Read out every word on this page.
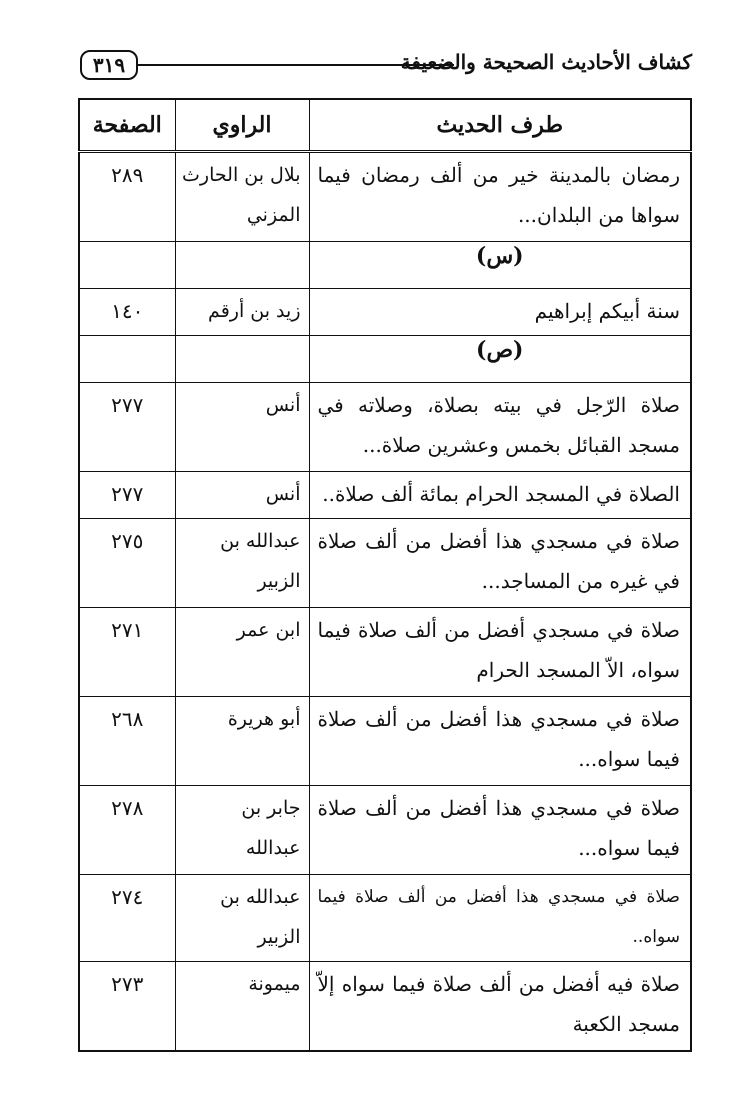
٣١٩	كشاف الأحاديث الصحيحة والضعيفة
طرف الحديث	الراوي	الصفحة
رمضان بالمدينة خير من ألف رمضان فيما سواها من البلدان...	بلال بن الحارث المزني	٢٨٩
(س)		
سنة أبيكم إبراهيم	زيد بن أرقم	١٤٠
(ص)		
صلاة الرّجل في بيته بصلاة، وصلاته في مسجد القبائل بخمس وعشرين صلاة...	أنس	٢٧٧
الصلاة في المسجد الحرام بمائة ألف صلاة..	أنس	٢٧٧
صلاة في مسجدي هذا أفضل من ألف صلاة في غيره من المساجد...	عبدالله بن الزبير	٢٧٥
صلاة في مسجدي أفضل من ألف صلاة فيما سواه، الاّ المسجد الحرام	ابن عمر	٢٧١
صلاة في مسجدي هذا أفضل من ألف صلاة فيما سواه...	أبو هريرة	٢٦٨
صلاة في مسجدي هذا أفضل من ألف صلاة فيما سواه...	جابر بن عبدالله	٢٧٨
صلاة في مسجدي هذا أفضل من ألف صلاة فيما سواه..	عبدالله بن الزبير	٢٧٤
صلاة فيه أفضل من ألف صلاة فيما سواه إلاّ مسجد الكعبة	ميمونة	٢٧٣
